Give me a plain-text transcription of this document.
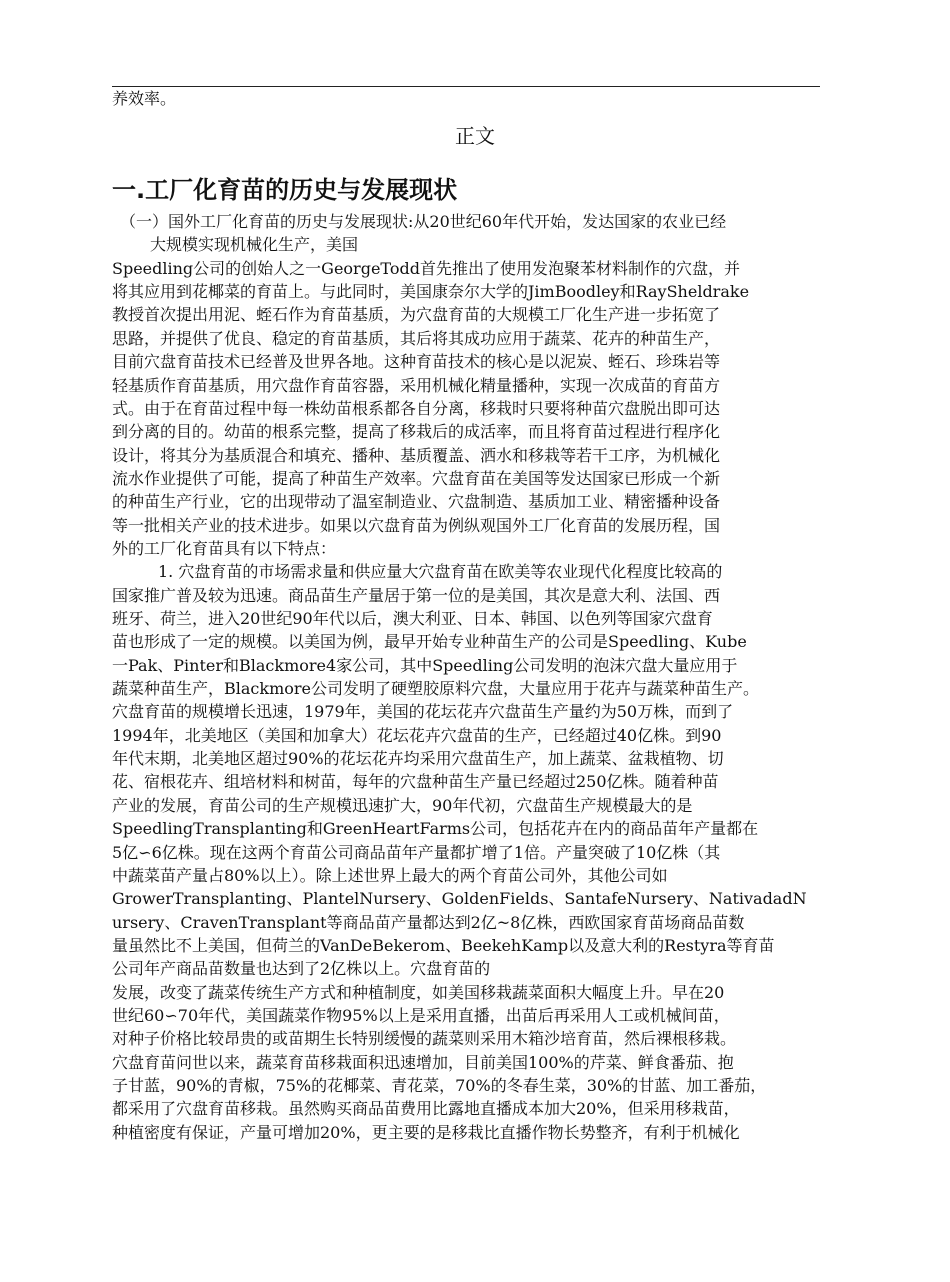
养效率。
正文
一.工厂化育苗的历史与发展现状
（一）国外工厂化育苗的历史与发展现状:从20世纪60年代开始，发达国家的农业已经
大规模实现机械化生产，美国
Speedling公司的创始人之一GeorgeTodd首先推出了使用发泡聚苯材料制作的穴盘，并
将其应用到花椰菜的育苗上。与此同时，美国康奈尔大学的JimBoodley和RaySheldrake
教授首次提出用泥、蛭石作为育苗基质，为穴盘育苗的大规模工厂化生产进一步拓宽了
思路，并提供了优良、稳定的育苗基质，其后将其成功应用于蔬菜、花卉的种苗生产，
目前穴盘育苗技术已经普及世界各地。这种育苗技术的核心是以泥炭、蛭石、珍珠岩等
轻基质作育苗基质，用穴盘作育苗容器，采用机械化精量播种，实现一次成苗的育苗方
式。由于在育苗过程中每一株幼苗根系都各自分离，移栽时只要将种苗穴盘脱出即可达
到分离的目的。幼苗的根系完整，提高了移栽后的成活率，而且将育苗过程进行程序化
设计，将其分为基质混合和填充、播种、基质覆盖、洒水和移栽等若干工序，为机械化
流水作业提供了可能，提高了种苗生产效率。穴盘育苗在美国等发达国家已形成一个新
的种苗生产行业，它的出现带动了温室制造业、穴盘制造、基质加工业、精密播种设备
等一批相关产业的技术进步。如果以穴盘育苗为例纵观国外工厂化育苗的发展历程，国
外的工厂化育苗具有以下特点：
1. 穴盘育苗的市场需求量和供应量大穴盘育苗在欧美等农业现代化程度比较高的
国家推广普及较为迅速。商品苗生产量居于第一位的是美国，其次是意大利、法国、西
班牙、荷兰，进入20世纪90年代以后，澳大利亚、日本、韩国、以色列等国家穴盘育
苗也形成了一定的规模。以美国为例，最早开始专业种苗生产的公司是Speedling、Kube
一Pak、Pinter和Blackmore4家公司，其中Speedling公司发明的泡沫穴盘大量应用于
蔬菜种苗生产，Blackmore公司发明了硬塑胶原料穴盘，大量应用于花卉与蔬菜种苗生产。
穴盘育苗的规模增长迅速，1979年，美国的花坛花卉穴盘苗生产量约为50万株，而到了
1994年，北美地区（美国和加拿大）花坛花卉穴盘苗的生产，已经超过40亿株。到90
年代末期，北美地区超过90%的花坛花卉均采用穴盘苗生产，加上蔬菜、盆栽植物、切
花、宿根花卉、组培材料和树苗，每年的穴盘种苗生产量已经超过250亿株。随着种苗
产业的发展，育苗公司的生产规模迅速扩大，90年代初，穴盘苗生产规模最大的是
SpeedlingTransplanting和GreenHeartFarms公司，包括花卉在内的商品苗年产量都在
5亿∽6亿株。现在这两个育苗公司商品苗年产量都扩增了1倍。产量突破了10亿株（其
中蔬菜苗产量占80%以上）。除上述世界上最大的两个育苗公司外，其他公司如
GrowerTransplanting、PlantelNursery、GoldenFields、SantafeNursery、NativadadN
ursery、CravenTransplant等商品苗产量都达到2亿~8亿株，西欧国家育苗场商品苗数
量虽然比不上美国，但荷兰的VanDeBekerom、BeekehKamp以及意大利的Restyra等育苗
公司年产商品苗数量也达到了2亿株以上。穴盘育苗的
发展，改变了蔬菜传统生产方式和种植制度，如美国移栽蔬菜面积大幅度上升。早在20
世纪60∽70年代，美国蔬菜作物95%以上是采用直播，出苗后再采用人工或机械间苗，
对种子价格比较昂贵的或苗期生长特别缓慢的蔬菜则采用木箱沙培育苗，然后裸根移栽。
穴盘育苗问世以来，蔬菜育苗移栽面积迅速增加，目前美国100%的芹菜、鲜食番茄、抱
子甘蓝，90%的青椒，75%的花椰菜、青花菜，70%的冬春生菜，30%的甘蓝、加工番茄，
都采用了穴盘育苗移栽。虽然购买商品苗费用比露地直播成本加大20%，但采用移栽苗，
种植密度有保证，产量可增加20%，更主要的是移栽比直播作物长势整齐，有利于机械化
